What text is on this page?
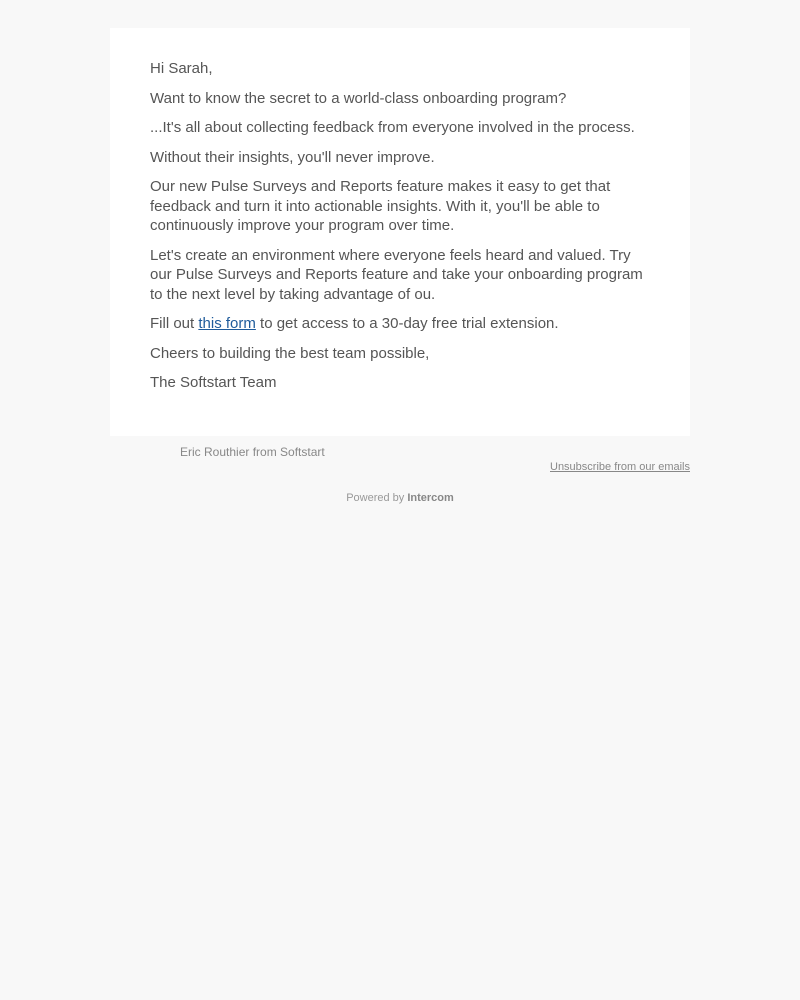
Hi Sarah,

Want to know the secret to a world-class onboarding program?

...It's all about collecting feedback from everyone involved in the process.

Without their insights, you'll never improve.

Our new Pulse Surveys and Reports feature makes it easy to get that feedback and turn it into actionable insights. With it, you'll be able to continuously improve your program over time.

Let's create an environment where everyone feels heard and valued. Try our Pulse Surveys and Reports feature and take your onboarding program to the next level by taking advantage of ou.

Fill out this form to get access to a 30-day free trial extension.

Cheers to building the best team possible,

The Softstart Team

Eric Routhier from Softstart
Unsubscribe from our emails
Powered by Intercom
